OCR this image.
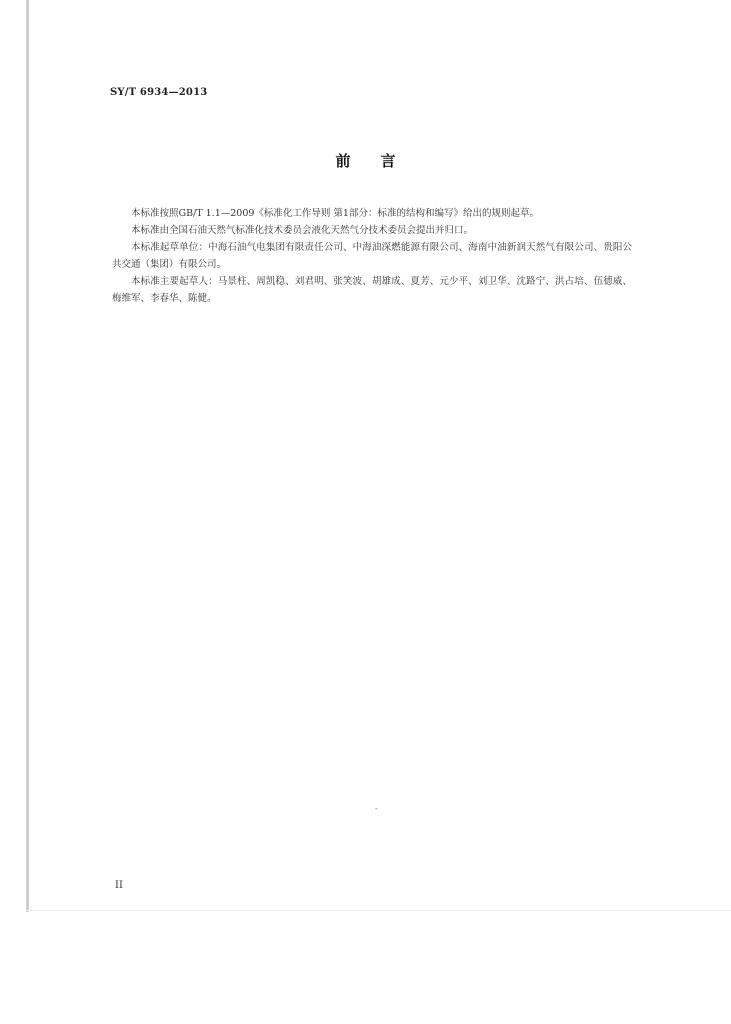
SY/T 6934—2013
前言

本标准按照GB/T 1.1—2009《标准化工作导则 第1部分：标准的结构和编写》给出的规则起草。

本标准由全国石油天然气标准化技术委员会液化天然气分技术委员会提出并归口。

本标准起草单位：中海石油气电集团有限责任公司、中海油深燃能源有限公司、海南中油新润天然气有限公司、贵阳公共交通（集团）有限公司。

本标准主要起草人：马景柱、周凯稳、刘君明、张笑波、胡雄成、夏芳、元少平、刘卫华、沈路宁、洪占培、伍德威、梅维军、李春华、陈健。

-
II
